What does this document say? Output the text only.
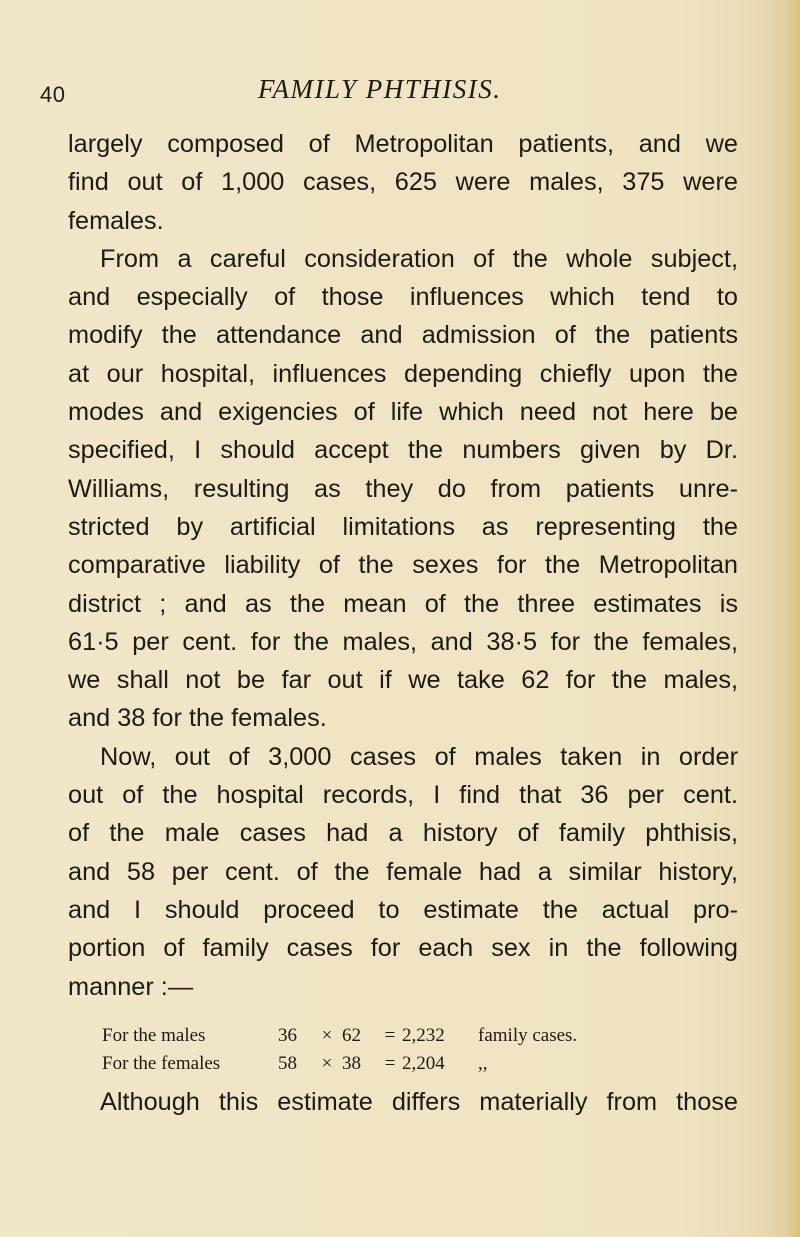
40	FAMILY PHTHISIS.
largely composed of Metropolitan patients, and we
find out of 1,000 cases, 625 were males, 375 were
females.
From a careful consideration of the whole subject,
and especially of those influences which tend to
modify the attendance and admission of the patients
at our hospital, influences depending chiefly upon the
modes and exigencies of life which need not here be
specified, I should accept the numbers given by Dr.
Williams, resulting as they do from patients unre-
stricted by artificial limitations as representing the
comparative liability of the sexes for the Metropolitan
district ; and as the mean of the three estimates is
61·5 per cent. for the males, and 38·5 for the females,
we shall not be far out if we take 62 for the males,
and 38 for the females.
Now, out of 3,000 cases of males taken in order
out of the hospital records, I find that 36 per cent.
of the male cases had a history of family phthisis,
and 58 per cent. of the female had a similar history,
and I should proceed to estimate the actual pro-
portion of family cases for each sex in the following
manner :—
For the males	36 × 62 = 2,232 family cases.
For the females	58 × 38 = 2,204 ,,
Although this estimate differs materially from those
